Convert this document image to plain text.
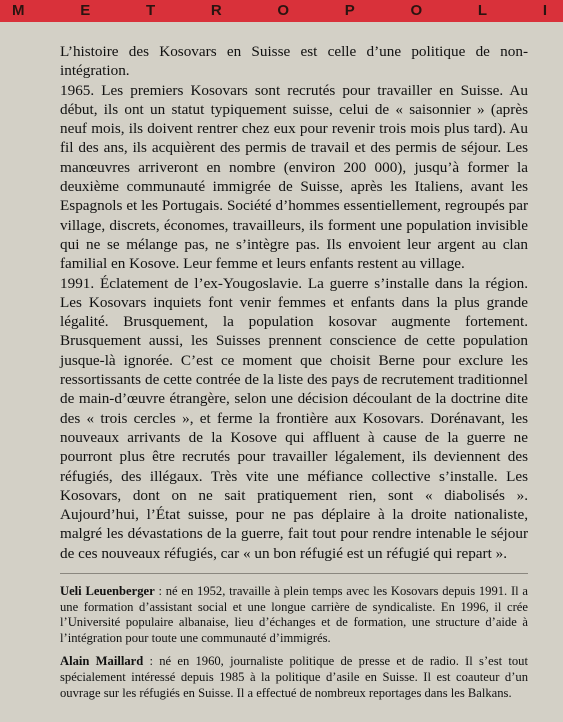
M	E	T	R	O	P	O	L	I

L’histoire des Kosovars en Suisse est celle d’une politique de non-intégration.

1965. Les premiers Kosovars sont recrutés pour travailler en Suisse. Au début, ils ont un statut typiquement suisse, celui de « saisonnier » (après neuf mois, ils doivent rentrer chez eux pour revenir trois mois plus tard). Au fil des ans, ils acquièrent des permis de travail et des permis de séjour. Les manœuvres arriveront en nombre (environ 200 000), jusqu’à former la deuxième communauté immigrée de Suisse, après les Italiens, avant les Espagnols et les Portugais. Société d’hommes essentiellement, regroupés par village, discrets, économes, travailleurs, ils forment une population invisible qui ne se mélange pas, ne s’intègre pas. Ils envoient leur argent au clan familial en Kosove. Leur femme et leurs enfants restent au village.

1991. Éclatement de l’ex-Yougoslavie. La guerre s’installe dans la région. Les Kosovars inquiets font venir femmes et enfants dans la plus grande légalité. Brusquement, la population kosovar augmente fortement. Brusquement aussi, les Suisses prennent conscience de cette population jusque-là ignorée. C’est ce moment que choisit Berne pour exclure les ressortissants de cette contrée de la liste des pays de recrutement traditionnel de main-d’œuvre étrangère, selon une décision découlant de la doctrine dite des « trois cercles », et ferme la frontière aux Kosovars. Dorénavant, les nouveaux arrivants de la Kosove qui affluent à cause de la guerre ne pourront plus être recrutés pour travailler légalement, ils deviennent des réfugiés, des illégaux. Très vite une méfiance collective s’installe. Les Kosovars, dont on ne sait pratiquement rien, sont « diabolisés ». Aujourd’hui, l’État suisse, pour ne pas déplaire à la droite nationaliste, malgré les dévastations de la guerre, fait tout pour rendre intenable le séjour de ces nouveaux réfugiés, car « un bon réfugié est un réfugié qui repart ».

Ueli Leuenberger : né en 1952, travaille à plein temps avec les Kosovars depuis 1991. Il a une formation d’assistant social et une longue carrière de syndicaliste. En 1996, il crée l’Université populaire albanaise, lieu d’échanges et de formation, une structure d’aide à l’intégration pour toute une communauté d’immigrés.

Alain Maillard : né en 1960, journaliste politique de presse et de radio. Il s’est tout spécialement intéressé depuis 1985 à la politique d’asile en Suisse. Il est coauteur d’un ouvrage sur les réfugiés en Suisse. Il a effectué de nombreux reportages dans les Balkans.
